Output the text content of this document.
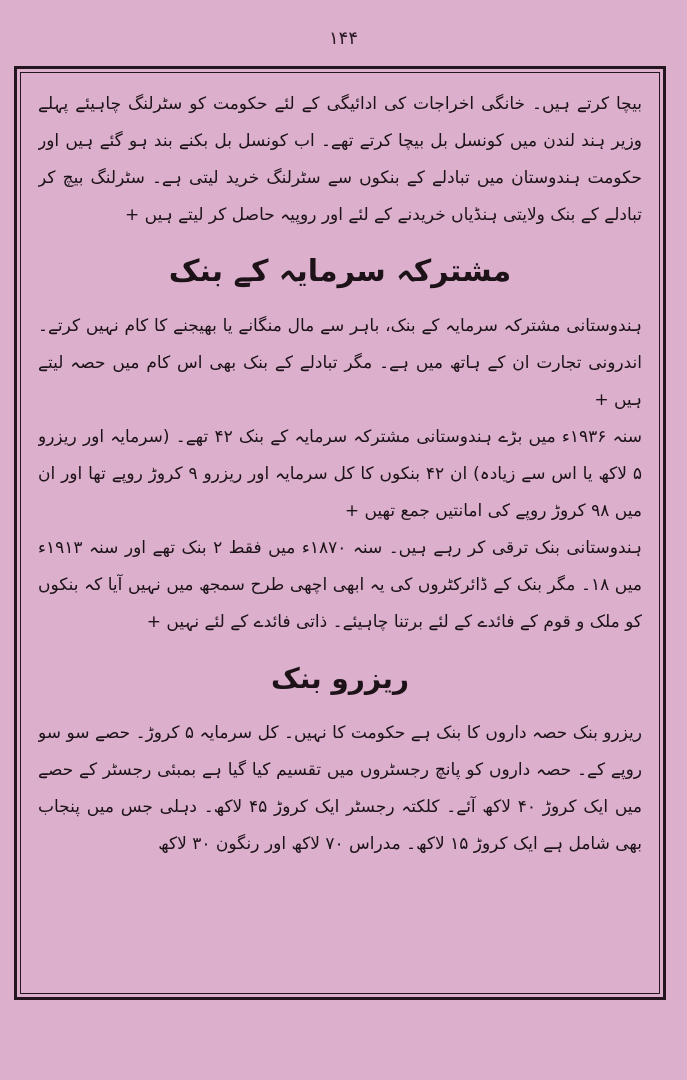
۱۴۴

بیچا کرتے ہیں۔ خانگی اخراجات کی ادائیگی کے لئے حکومت کو سٹرلنگ چاہیئے پہلے وزیر ہند لندن میں کونسل بل بیچا کرتے تھے۔ اب کونسل بل بکنے بند ہو گئے ہیں اور حکومت ہندوستان میں تبادلے کے بنکوں سے سٹرلنگ خرید لیتی ہے۔ سٹرلنگ بیچ کر تبادلے کے بنک ولایتی ہنڈیاں خریدنے کے لئے اور روپیہ حاصل کر لیتے ہیں +

مشترکہ سرمایہ کے بنک

ہندوستانی مشترکہ سرمایہ کے بنک، باہر سے مال منگانے یا بھیجنے کا کام نہیں کرتے۔ اندرونی تجارت ان کے ہاتھ میں ہے۔ مگر تبادلے کے بنک بھی اس کام میں حصہ لیتے ہیں +

سنہ ۱۹۳۶ء میں بڑے ہندوستانی مشترکہ سرمایہ کے بنک ۴۲ تھے۔ (سرمایہ اور ریزرو ۵ لاکھ یا اس سے زیادہ) ان ۴۲ بنکوں کا کل سرمایہ اور ریزرو ۹ کروڑ روپے تھا اور ان میں ۹۸ کروڑ روپے کی امانتیں جمع تھیں +

ہندوستانی بنک ترقی کر رہے ہیں۔ سنہ ۱۸۷۰ء میں فقط ۲ بنک تھے اور سنہ ۱۹۱۳ء میں ۱۸۔ مگر بنک کے ڈائرکٹروں کی یہ ابھی اچھی طرح سمجھ میں نہیں آیا کہ بنکوں کو ملک و قوم کے فائدے کے لئے برتنا چاہیئے۔ ذاتی فائدے کے لئے نہیں +

ریزرو بنک

ریزرو بنک حصہ داروں کا بنک ہے حکومت کا نہیں۔ کل سرمایہ ۵ کروڑ۔ حصے سو سو روپے کے۔ حصہ داروں کو پانچ رجسٹروں میں تقسیم کیا گیا ہے بمبئی رجسٹر کے حصے میں ایک کروڑ ۴۰ لاکھ آئے۔ کلکتہ رجسٹر ایک کروڑ ۴۵ لاکھ۔ دہلی جس میں پنجاب بھی شامل ہے ایک کروڑ ۱۵ لاکھ۔ مدراس ۷۰ لاکھ اور رنگون ۳۰ لاکھ
